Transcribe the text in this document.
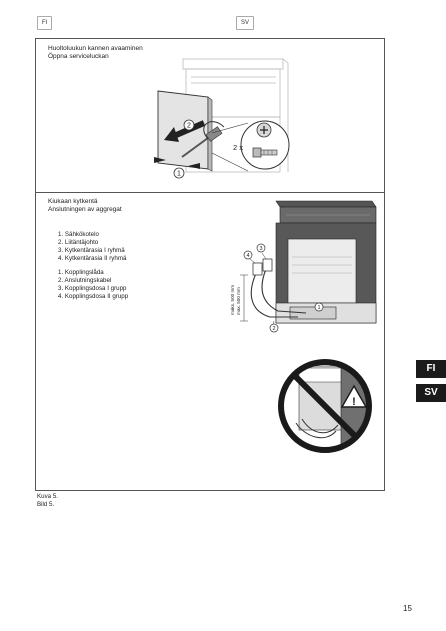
FI	SV
Huoltoluukun kannen avaaminen
Öppna serviceluckan
1
2
2 x
Kiukaan kytkentä
Anslutningen av aggregat
1. Sähkökotelo
2. Liitäntäjohto
3. Kytkentärasia I ryhmä
4. Kytkentärasia II ryhmä
1. Kopplingslåda
2. Anslutningskabel
3. Kopplingsdosa I grupp
4. Kopplingsdosa II grupp	maks. 500 mm max. 500 mm	1
2
3
4
!
FI
SV
Kuva 5.
Bild 5.
15
